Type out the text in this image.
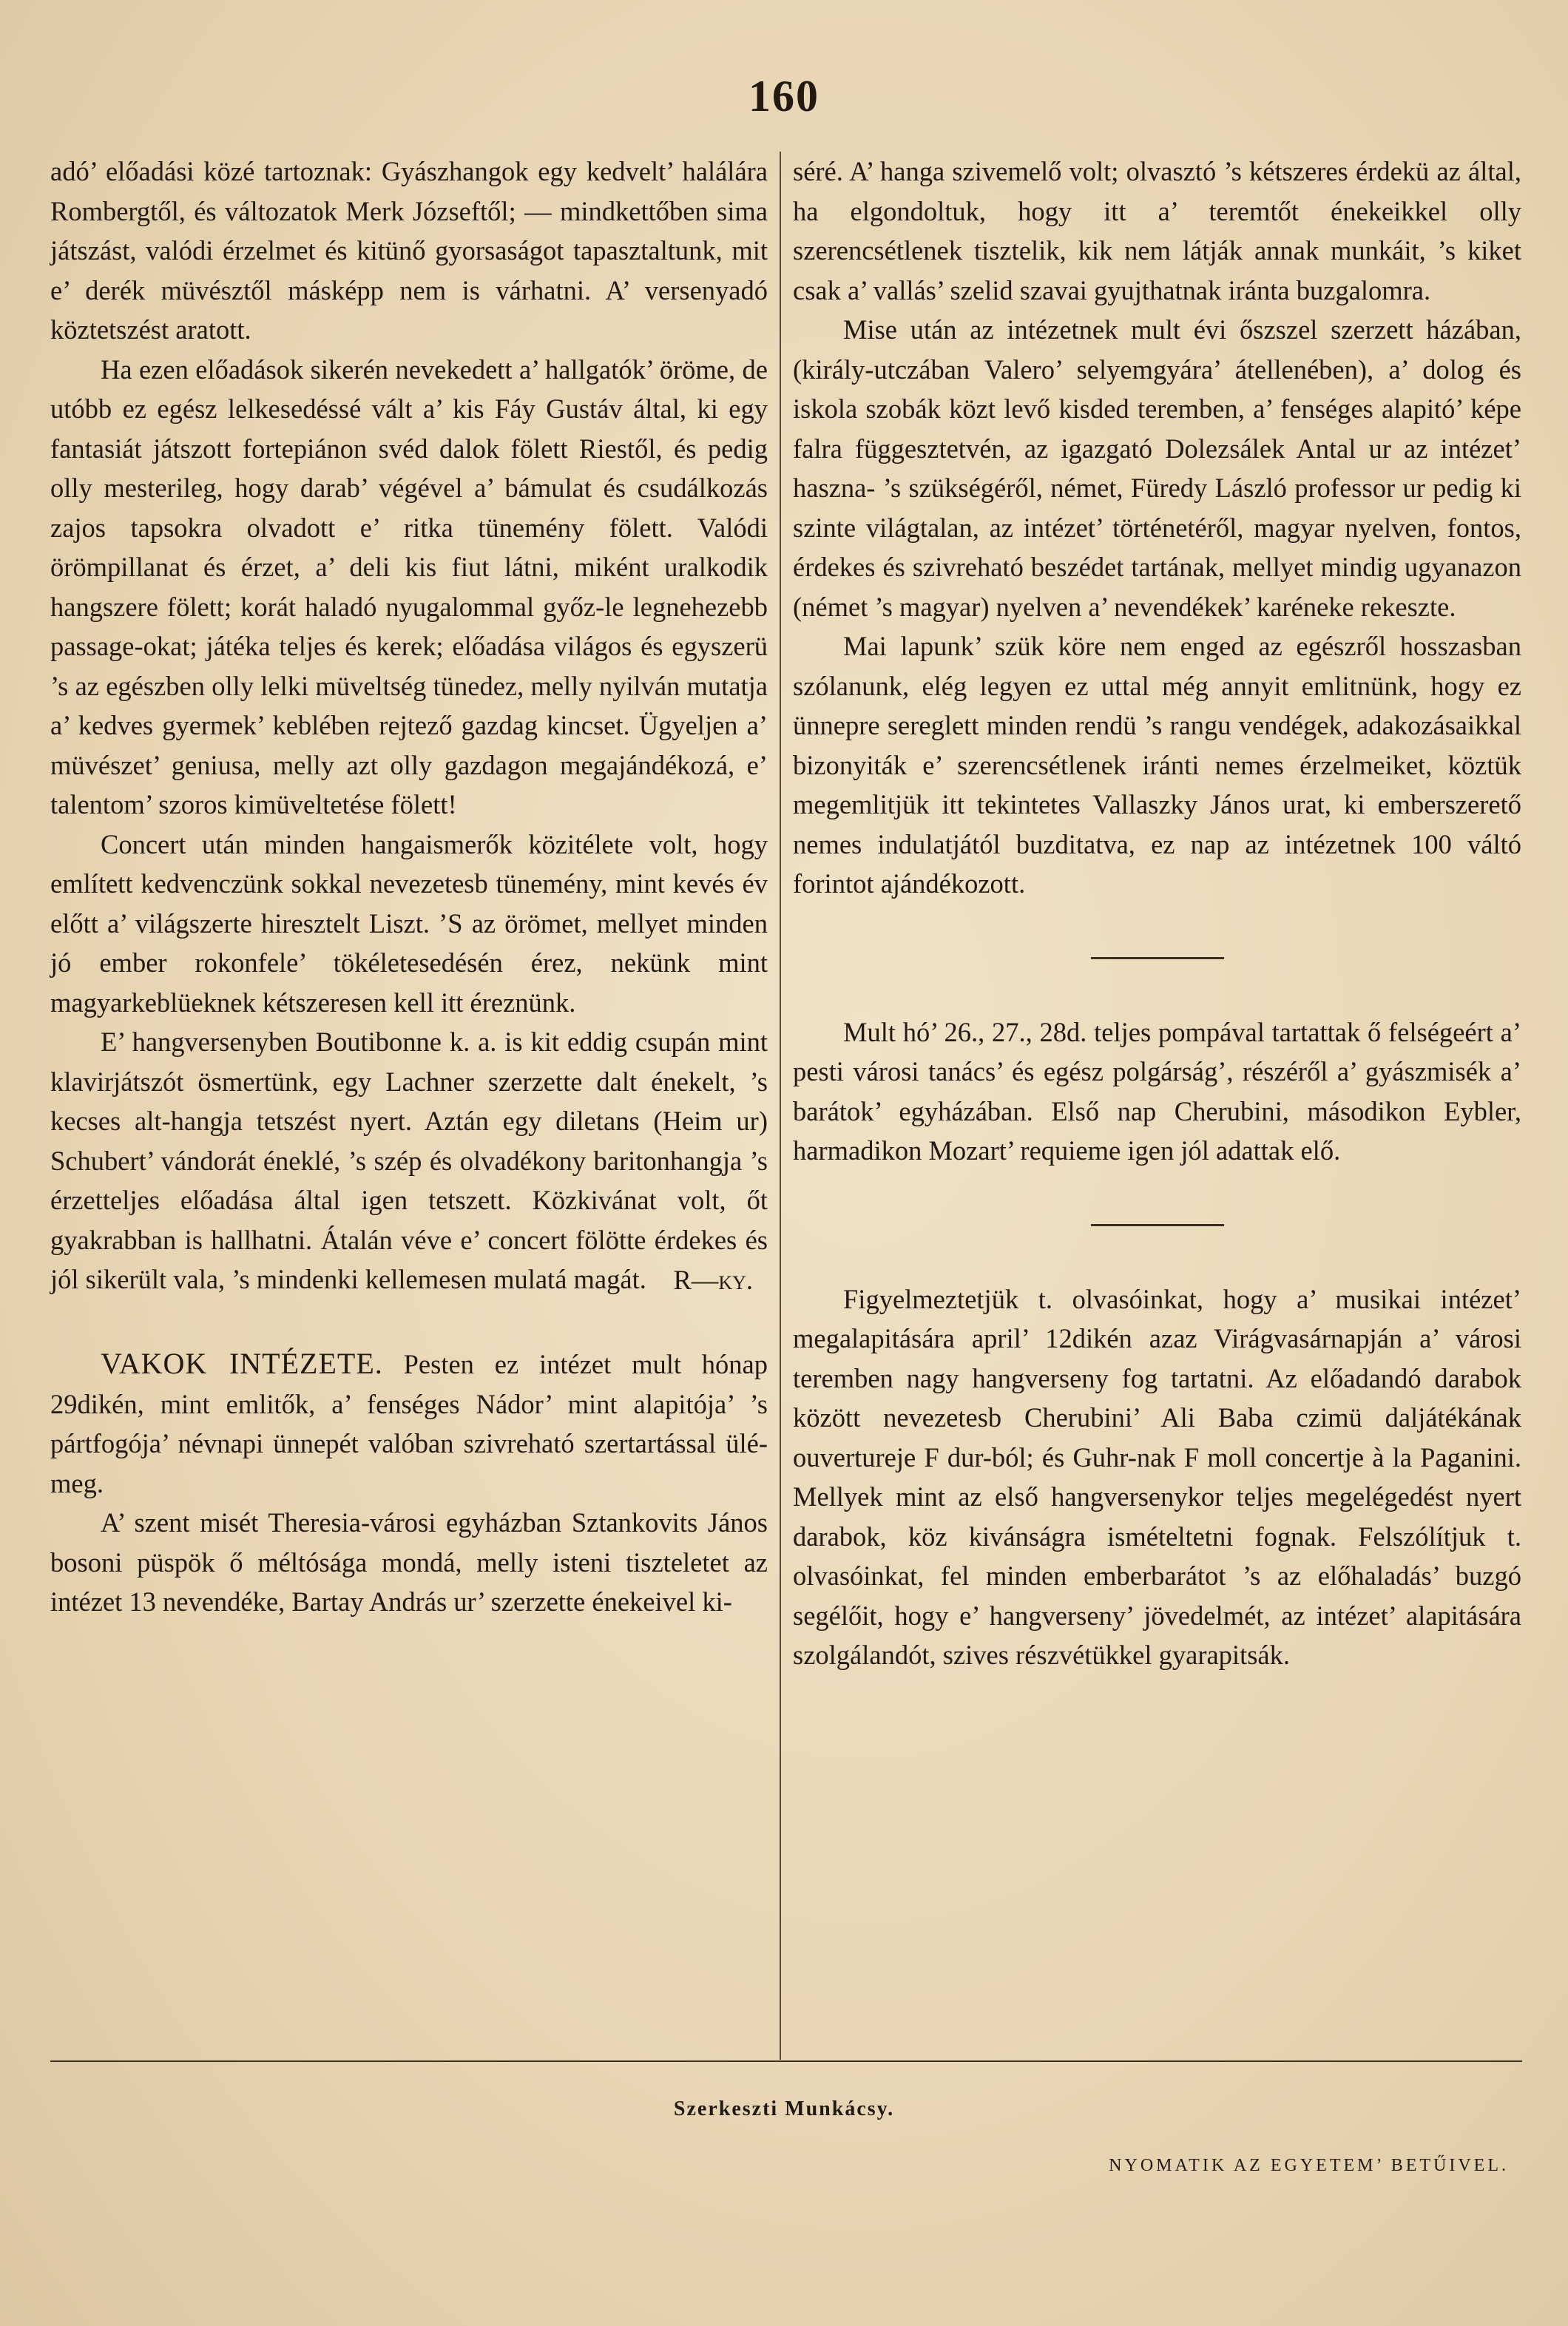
160

adó’ előadási közé tartoznak: Gyászhangok egy kedvelt’ halálára Rombergtől, és változatok Merk Józseftől; — mindkettőben sima játszást, valódi érzelmet és kitünő gyorsaságot tapasztaltunk, mit e’ derék müvésztől másképp nem is várhatni. A’ versenyadó köztetszést aratott.

Ha ezen előadások sikerén nevekedett a’ hallgatók’ öröme, de utóbb ez egész lelkesedéssé vált a’ kis Fáy Gustáv által, ki egy fantasiát játszott fortepiánon svéd dalok fölett Riestől, és pedig olly mesterileg, hogy darab’ végével a’ bámulat és csudálkozás zajos tapsokra olvadott e’ ritka tünemény fölett. Valódi örömpillanat és érzet, a’ deli kis fiut látni, miként uralkodik hangszere fölett; korát haladó nyugalommal győz-le legnehezebb passage-okat; játéka teljes és kerek; előadása világos és egyszerü ’s az egészben olly lelki müveltség tünedez, melly nyilván mutatja a’ kedves gyermek’ keblében rejtező gazdag kincset. Ügyeljen a’ müvészet’ geniusa, melly azt olly gazdagon megajándékozá, e’ talentom’ szoros kimüveltetése fölett!

Concert után minden hangaismerők közitélete volt, hogy említett kedvenczünk sokkal nevezetesb tünemény, mint kevés év előtt a’ világszerte hiresztelt Liszt. ’S az örömet, mellyet minden jó ember rokonfele’ tökéletesedésén érez, nekünk mint magyarkeblüeknek kétszeresen kell itt éreznünk.

E’ hangversenyben Boutibonne k. a. is kit eddig csupán mint klavirjátszót ösmertünk, egy Lachner szerzette dalt énekelt, ’s kecses alt-hangja tetszést nyert. Aztán egy diletans (Heim ur) Schubert’ vándorát éneklé, ’s szép és olvadékony baritonhangja ’s érzetteljes előadása által igen tetszett. Közkivánat volt, őt gyakrabban is hallhatni. Átalán véve e’ concert fölötte érdekes és jól sikerült vala, ’s mindenki kellemesen mulatá magát.	R—ky.

VAKOK INTÉZETE. Pesten ez intézet mult hónap 29dikén, mint emlitők, a’ fenséges Nádor’ mint alapitója’ ’s pártfogója’ névnapi ünnepét valóban szivreható szertartással ülé-meg.

A’ szent misét Theresia-városi egyházban Sztankovits János bosoni püspök ő méltósága mondá, melly isteni tiszteletet az intézet 13 nevendéke, Bartay András ur’ szerzette énekeivel ki-

séré. A’ hanga szivemelő volt; olvasztó ’s kétszeres érdekü az által, ha elgondoltuk, hogy itt a’ teremtőt énekeikkel olly szerencsétlenek tisztelik, kik nem látják annak munkáit, ’s kiket csak a’ vallás’ szelid szavai gyujthatnak iránta buzgalomra.

Mise után az intézetnek mult évi őszszel szerzett házában, (király-utczában Valero’ selyemgyára’ átellenében), a’ dolog és iskola szobák közt levő kisded teremben, a’ fenséges alapitó’ képe falra függesztetvén, az igazgató Dolezsálek Antal ur az intézet’ haszna- ’s szükségéről, német, Füredy László professor ur pedig ki szinte világtalan, az intézet’ történetéről, magyar nyelven, fontos, érdekes és szivreható beszédet tartának, mellyet mindig ugyanazon (német ’s magyar) nyelven a’ nevendékek’ karéneke rekeszte.

Mai lapunk’ szük köre nem enged az egészről hosszasban szólanunk, elég legyen ez uttal még annyit emlitnünk, hogy ez ünnepre sereglett minden rendü ’s rangu vendégek, adakozásaikkal bizonyiták e’ szerencsétlenek iránti nemes érzelmeiket, köztük megemlitjük itt tekintetes Vallaszky János urat, ki emberszerető nemes indulatjától buzditatva, ez nap az intézetnek 100 váltó forintot ajándékozott.

Mult hó’ 26., 27., 28d. teljes pompával tartattak ő felségeért a’ pesti városi tanács’ és egész polgárság’, részéről a’ gyászmisék a’ barátok’ egyházában. Első nap Cherubini, másodikon Eybler, harmadikon Mozart’ requieme igen jól adattak elő.

Figyelmeztetjük t. olvasóinkat, hogy a’ musikai intézet’ megalapitására april’ 12dikén azaz Virágvasárnapján a’ városi teremben nagy hangverseny fog tartatni. Az előadandó darabok között nevezetesb Cherubini’ Ali Baba czimü daljátékának ouvertureje F dur-ból; és Guhr-nak F moll concertje à la Paganini. Mellyek mint az első hangversenykor teljes megelégedést nyert darabok, köz kivánságra ismételtetni fognak. Felszólítjuk t. olvasóinkat, fel minden emberbarátot ’s az előhaladás’ buzgó segélőit, hogy e’ hangverseny’ jövedelmét, az intézet’ alapitására szolgálandót, szives részvétükkel gyarapitsák.

Szerkeszti Munkácsy.
NYOMATIK AZ EGYETEM’ BETŰIVEL.
